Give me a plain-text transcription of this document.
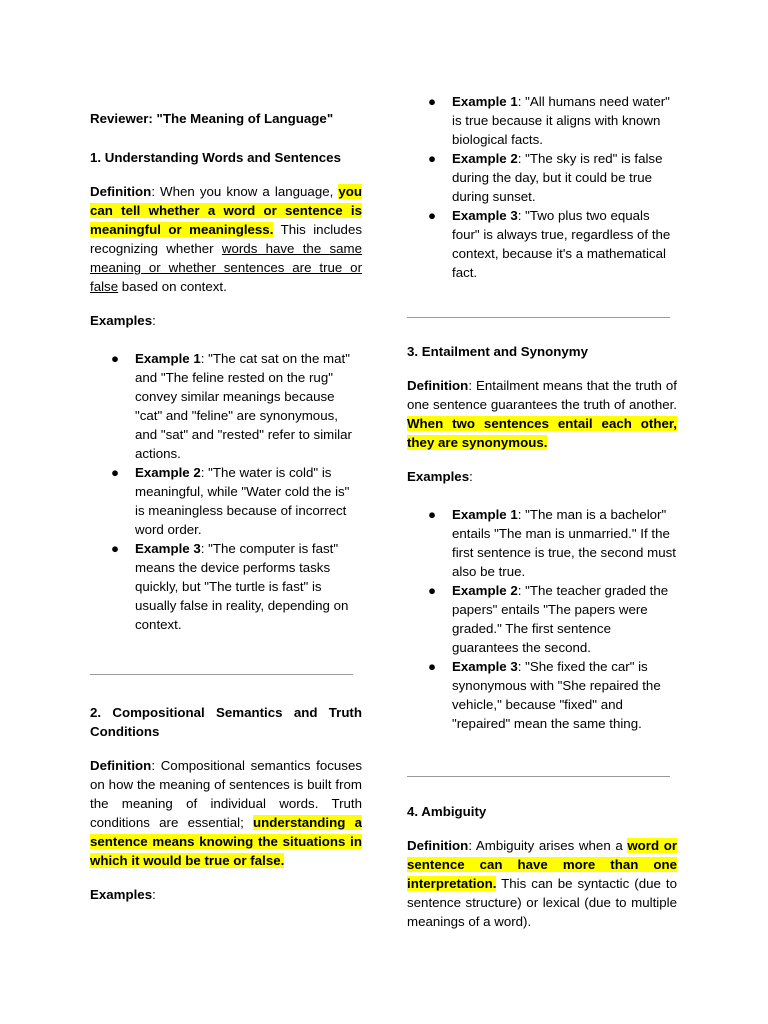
Reviewer: "The Meaning of Language"

1. Understanding Words and Sentences

Definition: When you know a language, you can tell whether a word or sentence is meaningful or meaningless. This includes recognizing whether words have the same meaning or whether sentences are true or false based on context.

Examples:

● Example 1: "The cat sat on the mat" and "The feline rested on the rug" convey similar meanings because "cat" and "feline" are synonymous, and "sat" and "rested" refer to similar actions.
● Example 2: "The water is cold" is meaningful, while "Water cold the is" is meaningless because of incorrect word order.
● Example 3: "The computer is fast" means the device performs tasks quickly, but "The turtle is fast" is usually false in reality, depending on context.

2. Compositional Semantics and Truth Conditions

Definition: Compositional semantics focuses on how the meaning of sentences is built from the meaning of individual words. Truth conditions are essential; understanding a sentence means knowing the situations in which it would be true or false.

Examples:

● Example 1: "All humans need water" is true because it aligns with known biological facts.
● Example 2: "The sky is red" is false during the day, but it could be true during sunset.
● Example 3: "Two plus two equals four" is always true, regardless of the context, because it's a mathematical fact.

3. Entailment and Synonymy

Definition: Entailment means that the truth of one sentence guarantees the truth of another. When two sentences entail each other, they are synonymous.

Examples:

● Example 1: "The man is a bachelor" entails "The man is unmarried." If the first sentence is true, the second must also be true.
● Example 2: "The teacher graded the papers" entails "The papers were graded." The first sentence guarantees the second.
● Example 3: "She fixed the car" is synonymous with "She repaired the vehicle," because "fixed" and "repaired" mean the same thing.

4. Ambiguity

Definition: Ambiguity arises when a word or sentence can have more than one interpretation. This can be syntactic (due to sentence structure) or lexical (due to multiple meanings of a word).
